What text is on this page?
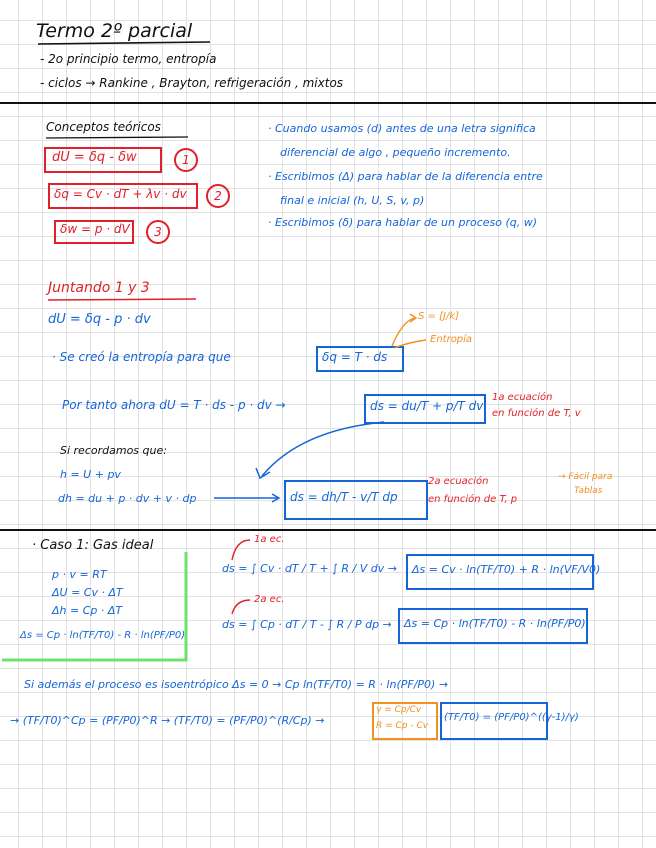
Termo 2º parcial
- 2o principio termo, entropía
- ciclos → Rankine , Brayton, refrigeración , mixtos
Conceptos teóricos
dU = δq - δw	1
δq = Cv · dT + λv · dv	2
δw = p · dV	3
· Cuando usamos (d) antes de una letra significa
diferencial de algo , pequeño incremento.
· Escribimos (Δ) para hablar de la diferencia entre
final e inicial (h, U, S, v, p)
· Escribimos (δ) para hablar de un proceso (q, w)
Juntando 1 y 3
dU = δq - p · dv	S = [J/k]
Entropía
· Se creó la entropía para que	δq = T · ds
Por tanto ahora dU = T · ds - p · dv →	ds = du/T + p/T dv
1a ecuación
en función de T, v
Si recordamos que:
h = U + pv
dh = du + p · dv + v · dp	ds = dh/T - v/T dp
2a ecuación
en función de T, p
→ Fácil para
Tablas
· Caso 1: Gas ideal
p · v = RT
ΔU = Cv · ΔT
Δh = Cp · ΔT
Δs = Cp · ln(TF/T0) - R · ln(PF/P0)
1a ec.
ds = ∫ Cv · dT / T + ∫ R / V dv → Δs = Cv · ln(TF/T0) + R · ln(VF/V0)
2a ec.
ds = ∫ Cp · dT / T - ∫ R / P dp → Δs = Cp · ln(TF/T0) - R · ln(PF/P0)
Si además el proceso es isoentrópico Δs = 0 → Cp ln(TF/T0) = R · ln(PF/P0) →
→ (TF/T0)^Cp = (PF/P0)^R → (TF/T0) = (PF/P0)^(R/Cp) →
γ = Cp/Cv
R = Cp - Cv
(TF/T0) = (PF/P0)^((γ-1)/γ)
